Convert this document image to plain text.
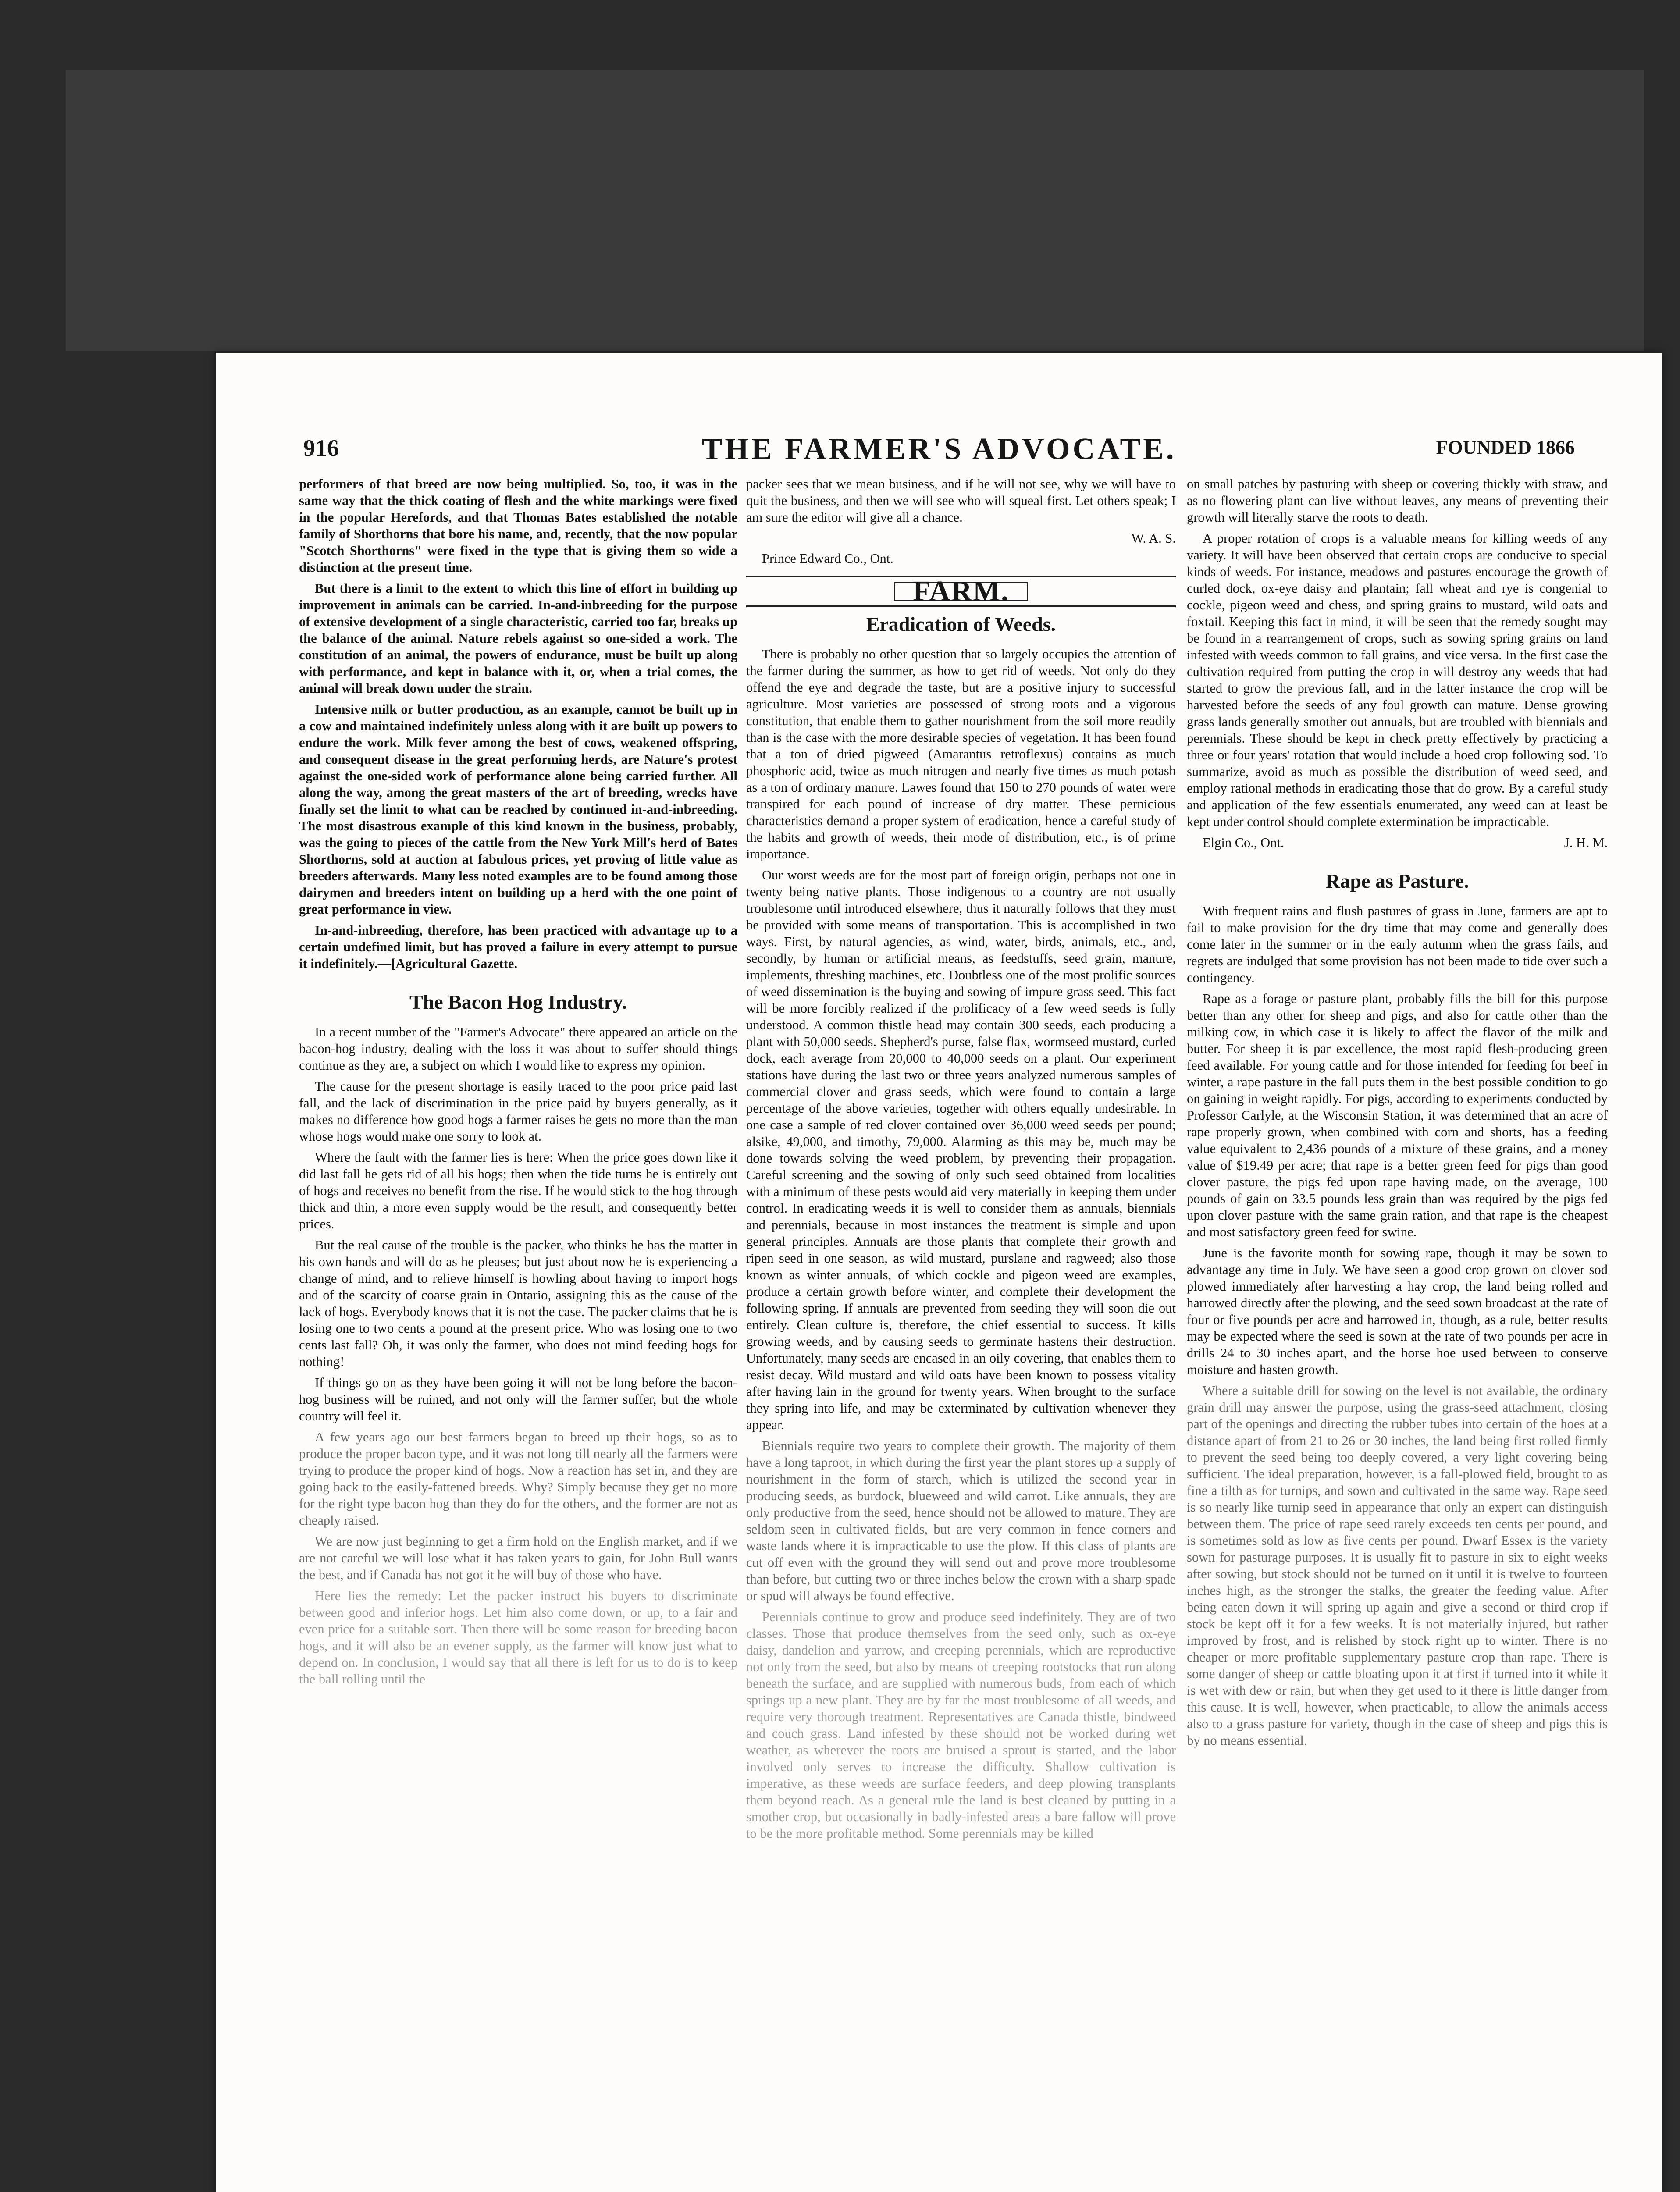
916	THE FARMER'S ADVOCATE.	FOUNDED 1866

performers of that breed are now being multiplied. So, too, it was in the same way that the thick coating of flesh and the white markings were fixed in the popular Herefords, and that Thomas Bates established the notable family of Shorthorns that bore his name, and, recently, that the now popular "Scotch Shorthorns" were fixed in the type that is giving them so wide a distinction at the present time.

But there is a limit to the extent to which this line of effort in building up improvement in animals can be carried. In-and-inbreeding for the purpose of extensive development of a single characteristic, carried too far, breaks up the balance of the animal. Nature rebels against so one-sided a work. The constitution of an animal, the powers of endurance, must be built up along with performance, and kept in balance with it, or, when a trial comes, the animal will break down under the strain.

Intensive milk or butter production, as an example, cannot be built up in a cow and maintained indefinitely unless along with it are built up powers to endure the work. Milk fever among the best of cows, weakened offspring, and consequent disease in the great performing herds, are Nature's protest against the one-sided work of performance alone being carried further. All along the way, among the great masters of the art of breeding, wrecks have finally set the limit to what can be reached by continued in-and-inbreeding. The most disastrous example of this kind known in the business, probably, was the going to pieces of the cattle from the New York Mill's herd of Bates Shorthorns, sold at auction at fabulous prices, yet proving of little value as breeders afterwards. Many less noted examples are to be found among those dairymen and breeders intent on building up a herd with the one point of great performance in view.

In-and-inbreeding, therefore, has been practiced with advantage up to a certain undefined limit, but has proved a failure in every attempt to pursue it indefinitely.—[Agricultural Gazette.

The Bacon Hog Industry.

In a recent number of the "Farmer's Advocate" there appeared an article on the bacon-hog industry, dealing with the loss it was about to suffer should things continue as they are, a subject on which I would like to express my opinion.

The cause for the present shortage is easily traced to the poor price paid last fall, and the lack of discrimination in the price paid by buyers generally, as it makes no difference how good hogs a farmer raises he gets no more than the man whose hogs would make one sorry to look at.

Where the fault with the farmer lies is here: When the price goes down like it did last fall he gets rid of all his hogs; then when the tide turns he is entirely out of hogs and receives no benefit from the rise. If he would stick to the hog through thick and thin, a more even supply would be the result, and consequently better prices.

But the real cause of the trouble is the packer, who thinks he has the matter in his own hands and will do as he pleases; but just about now he is experiencing a change of mind, and to relieve himself is howling about having to import hogs and of the scarcity of coarse grain in Ontario, assigning this as the cause of the lack of hogs. Everybody knows that it is not the case. The packer claims that he is losing one to two cents a pound at the present price. Who was losing one to two cents last fall? Oh, it was only the farmer, who does not mind feeding hogs for nothing!

If things go on as they have been going it will not be long before the bacon-hog business will be ruined, and not only will the farmer suffer, but the whole country will feel it.

A few years ago our best farmers began to breed up their hogs, so as to produce the proper bacon type, and it was not long till nearly all the farmers were trying to produce the proper kind of hogs. Now a reaction has set in, and they are going back to the easily-fattened breeds. Why? Simply because they get no more for the right type bacon hog than they do for the others, and the former are not as cheaply raised.

We are now just beginning to get a firm hold on the English market, and if we are not careful we will lose what it has taken years to gain, for John Bull wants the best, and if Canada has not got it he will buy of those who have.

Here lies the remedy: Let the packer instruct his buyers to discriminate between good and inferior hogs. Let him also come down, or up, to a fair and even price for a suitable sort. Then there will be some reason for breeding bacon hogs, and it will also be an evener supply, as the farmer will know just what to depend on. In conclusion, I would say that all there is left for us to do is to keep the ball rolling until the

packer sees that we mean business, and if he will not see, why we will have to quit the business, and then we will see who will squeal first. Let others speak; I am sure the editor will give all a chance.

W. A. S.
Prince Edward Co., Ont.
FARM.
Eradication of Weeds.

There is probably no other question that so largely occupies the attention of the farmer during the summer, as how to get rid of weeds. Not only do they offend the eye and degrade the taste, but are a positive injury to successful agriculture. Most varieties are possessed of strong roots and a vigorous constitution, that enable them to gather nourishment from the soil more readily than is the case with the more desirable species of vegetation. It has been found that a ton of dried pigweed (Amarantus retroflexus) contains as much phosphoric acid, twice as much nitrogen and nearly five times as much potash as a ton of ordinary manure. Lawes found that 150 to 270 pounds of water were transpired for each pound of increase of dry matter. These pernicious characteristics demand a proper system of eradication, hence a careful study of the habits and growth of weeds, their mode of distribution, etc., is of prime importance.

Our worst weeds are for the most part of foreign origin, perhaps not one in twenty being native plants. Those indigenous to a country are not usually troublesome until introduced elsewhere, thus it naturally follows that they must be provided with some means of transportation. This is accomplished in two ways. First, by natural agencies, as wind, water, birds, animals, etc., and, secondly, by human or artificial means, as feedstuffs, seed grain, manure, implements, threshing machines, etc. Doubtless one of the most prolific sources of weed dissemination is the buying and sowing of impure grass seed. This fact will be more forcibly realized if the prolificacy of a few weed seeds is fully understood. A common thistle head may contain 300 seeds, each producing a plant with 50,000 seeds. Shepherd's purse, false flax, wormseed mustard, curled dock, each average from 20,000 to 40,000 seeds on a plant. Our experiment stations have during the last two or three years analyzed numerous samples of commercial clover and grass seeds, which were found to contain a large percentage of the above varieties, together with others equally undesirable. In one case a sample of red clover contained over 36,000 weed seeds per pound; alsike, 49,000, and timothy, 79,000. Alarming as this may be, much may be done towards solving the weed problem, by preventing their propagation. Careful screening and the sowing of only such seed obtained from localities with a minimum of these pests would aid very materially in keeping them under control. In eradicating weeds it is well to consider them as annuals, biennials and perennials, because in most instances the treatment is simple and upon general principles. Annuals are those plants that complete their growth and ripen seed in one season, as wild mustard, purslane and ragweed; also those known as winter annuals, of which cockle and pigeon weed are examples, produce a certain growth before winter, and complete their development the following spring. If annuals are prevented from seeding they will soon die out entirely. Clean culture is, therefore, the chief essential to success. It kills growing weeds, and by causing seeds to germinate hastens their destruction. Unfortunately, many seeds are encased in an oily covering, that enables them to resist decay. Wild mustard and wild oats have been known to possess vitality after having lain in the ground for twenty years. When brought to the surface they spring into life, and may be exterminated by cultivation whenever they appear.

Biennials require two years to complete their growth. The majority of them have a long taproot, in which during the first year the plant stores up a supply of nourishment in the form of starch, which is utilized the second year in producing seeds, as burdock, blueweed and wild carrot. Like annuals, they are only productive from the seed, hence should not be allowed to mature. They are seldom seen in cultivated fields, but are very common in fence corners and waste lands where it is impracticable to use the plow. If this class of plants are cut off even with the ground they will send out and prove more troublesome than before, but cutting two or three inches below the crown with a sharp spade or spud will always be found effective.

Perennials continue to grow and produce seed indefinitely. They are of two classes. Those that produce themselves from the seed only, such as ox-eye daisy, dandelion and yarrow, and creeping perennials, which are reproductive not only from the seed, but also by means of creeping rootstocks that run along beneath the surface, and are supplied with numerous buds, from each of which springs up a new plant. They are by far the most troublesome of all weeds, and require very thorough treatment. Representatives are Canada thistle, bindweed and couch grass. Land infested by these should not be worked during wet weather, as wherever the roots are bruised a sprout is started, and the labor involved only serves to increase the difficulty. Shallow cultivation is imperative, as these weeds are surface feeders, and deep plowing transplants them beyond reach. As a general rule the land is best cleaned by putting in a smother crop, but occasionally in badly-infested areas a bare fallow will prove to be the more profitable method. Some perennials may be killed

on small patches by pasturing with sheep or covering thickly with straw, and as no flowering plant can live without leaves, any means of preventing their growth will literally starve the roots to death.

A proper rotation of crops is a valuable means for killing weeds of any variety. It will have been observed that certain crops are conducive to special kinds of weeds. For instance, meadows and pastures encourage the growth of curled dock, ox-eye daisy and plantain; fall wheat and rye is congenial to cockle, pigeon weed and chess, and spring grains to mustard, wild oats and foxtail. Keeping this fact in mind, it will be seen that the remedy sought may be found in a rearrangement of crops, such as sowing spring grains on land infested with weeds common to fall grains, and vice versa. In the first case the cultivation required from putting the crop in will destroy any weeds that had started to grow the previous fall, and in the latter instance the crop will be harvested before the seeds of any foul growth can mature. Dense growing grass lands generally smother out annuals, but are troubled with biennials and perennials. These should be kept in check pretty effectively by practicing a three or four years' rotation that would include a hoed crop following sod. To summarize, avoid as much as possible the distribution of weed seed, and employ rational methods in eradicating those that do grow. By a careful study and application of the few essentials enumerated, any weed can at least be kept under control should complete extermination be impracticable.

Elgin Co., Ont.	J. H. M.
Rape as Pasture.

With frequent rains and flush pastures of grass in June, farmers are apt to fail to make provision for the dry time that may come and generally does come later in the summer or in the early autumn when the grass fails, and regrets are indulged that some provision has not been made to tide over such a contingency.

Rape as a forage or pasture plant, probably fills the bill for this purpose better than any other for sheep and pigs, and also for cattle other than the milking cow, in which case it is likely to affect the flavor of the milk and butter. For sheep it is par excellence, the most rapid flesh-producing green feed available. For young cattle and for those intended for feeding for beef in winter, a rape pasture in the fall puts them in the best possible condition to go on gaining in weight rapidly. For pigs, according to experiments conducted by Professor Carlyle, at the Wisconsin Station, it was determined that an acre of rape properly grown, when combined with corn and shorts, has a feeding value equivalent to 2,436 pounds of a mixture of these grains, and a money value of $19.49 per acre; that rape is a better green feed for pigs than good clover pasture, the pigs fed upon rape having made, on the average, 100 pounds of gain on 33.5 pounds less grain than was required by the pigs fed upon clover pasture with the same grain ration, and that rape is the cheapest and most satisfactory green feed for swine.

June is the favorite month for sowing rape, though it may be sown to advantage any time in July. We have seen a good crop grown on clover sod plowed immediately after harvesting a hay crop, the land being rolled and harrowed directly after the plowing, and the seed sown broadcast at the rate of four or five pounds per acre and harrowed in, though, as a rule, better results may be expected where the seed is sown at the rate of two pounds per acre in drills 24 to 30 inches apart, and the horse hoe used between to conserve moisture and hasten growth.

Where a suitable drill for sowing on the level is not available, the ordinary grain drill may answer the purpose, using the grass-seed attachment, closing part of the openings and directing the rubber tubes into certain of the hoes at a distance apart of from 21 to 26 or 30 inches, the land being first rolled firmly to prevent the seed being too deeply covered, a very light covering being sufficient. The ideal preparation, however, is a fall-plowed field, brought to as fine a tilth as for turnips, and sown and cultivated in the same way. Rape seed is so nearly like turnip seed in appearance that only an expert can distinguish between them. The price of rape seed rarely exceeds ten cents per pound, and is sometimes sold as low as five cents per pound. Dwarf Essex is the variety sown for pasturage purposes. It is usually fit to pasture in six to eight weeks after sowing, but stock should not be turned on it until it is twelve to fourteen inches high, as the stronger the stalks, the greater the feeding value. After being eaten down it will spring up again and give a second or third crop if stock be kept off it for a few weeks. It is not materially injured, but rather improved by frost, and is relished by stock right up to winter. There is no cheaper or more profitable supplementary pasture crop than rape. There is some danger of sheep or cattle bloating upon it at first if turned into it while it is wet with dew or rain, but when they get used to it there is little danger from this cause. It is well, however, when practicable, to allow the animals access also to a grass pasture for variety, though in the case of sheep and pigs this is by no means essential.
